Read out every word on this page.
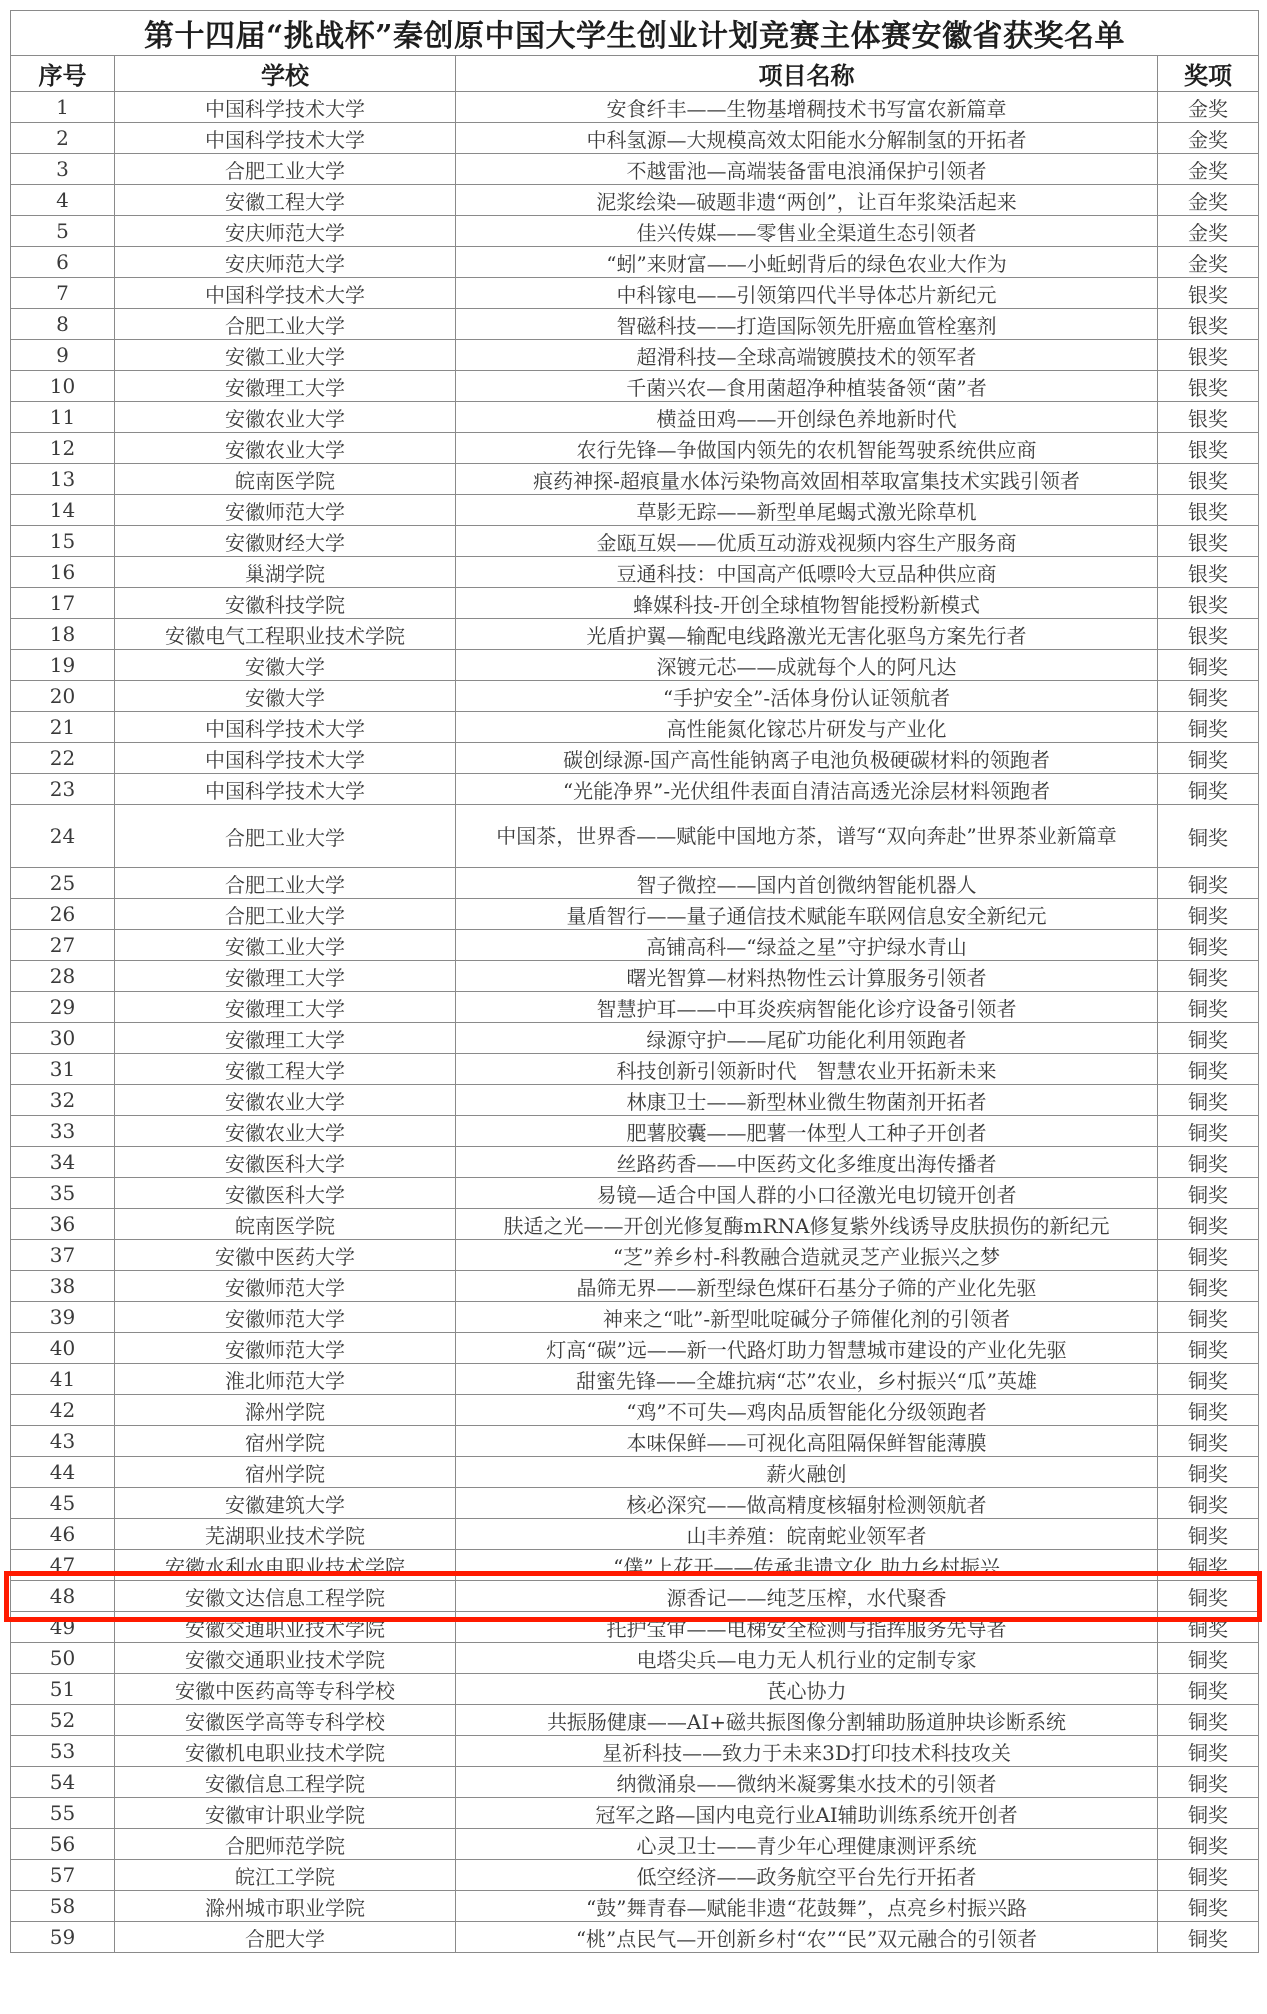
第十四届“挑战杯”秦创原中国大学生创业计划竞赛主体赛安徽省获奖名单			
序号	学校	项目名称	奖项
1	中国科学技术大学	安食纤丰——生物基增稠技术书写富农新篇章	金奖
2	中国科学技术大学	中科氢源—大规模高效太阳能水分解制氢的开拓者	金奖
3	合肥工业大学	不越雷池—高端装备雷电浪涌保护引领者	金奖
4	安徽工程大学	泥浆绘染—破题非遗“两创”，让百年浆染活起来	金奖
5	安庆师范大学	佳兴传媒——零售业全渠道生态引领者	金奖
6	安庆师范大学	“蚓”来财富——小蚯蚓背后的绿色农业大作为	金奖
7	中国科学技术大学	中科镓电——引领第四代半导体芯片新纪元	银奖
8	合肥工业大学	智磁科技——打造国际领先肝癌血管栓塞剂	银奖
9	安徽工业大学	超滑科技—全球高端镀膜技术的领军者	银奖
10	安徽理工大学	千菌兴农—食用菌超净种植装备领“菌”者	银奖
11	安徽农业大学	横益田鸡——开创绿色养地新时代	银奖
12	安徽农业大学	农行先锋—争做国内领先的农机智能驾驶系统供应商	银奖
13	皖南医学院	痕药神探-超痕量水体污染物高效固相萃取富集技术实践引领者	银奖
14	安徽师范大学	草影无踪——新型单尾蝎式激光除草机	银奖
15	安徽财经大学	金瓯互娱——优质互动游戏视频内容生产服务商	银奖
16	巢湖学院	豆通科技：中国高产低嘌呤大豆品种供应商	银奖
17	安徽科技学院	蜂媒科技-开创全球植物智能授粉新模式	银奖
18	安徽电气工程职业技术学院	光盾护翼—输配电线路激光无害化驱鸟方案先行者	银奖
19	安徽大学	深镀元芯——成就每个人的阿凡达	铜奖
20	安徽大学	“手护安全”-活体身份认证领航者	铜奖
21	中国科学技术大学	高性能氮化镓芯片研发与产业化	铜奖
22	中国科学技术大学	碳创绿源-国产高性能钠离子电池负极硬碳材料的领跑者	铜奖
23	中国科学技术大学	“光能净界”-光伏组件表面自清洁高透光涂层材料领跑者	铜奖
24	合肥工业大学	中国茶，世界香——赋能中国地方茶，谱写“双向奔赴”世界茶业新篇章	铜奖
25	合肥工业大学	智子微控——国内首创微纳智能机器人	铜奖
26	合肥工业大学	量盾智行——量子通信技术赋能车联网信息安全新纪元	铜奖
27	安徽工业大学	高铺高科—“绿益之星”守护绿水青山	铜奖
28	安徽理工大学	曙光智算—材料热物性云计算服务引领者	铜奖
29	安徽理工大学	智慧护耳——中耳炎疾病智能化诊疗设备引领者	铜奖
30	安徽理工大学	绿源守护——尾矿功能化利用领跑者	铜奖
31	安徽工程大学	科技创新引领新时代　智慧农业开拓新未来	铜奖
32	安徽农业大学	林康卫士——新型林业微生物菌剂开拓者	铜奖
33	安徽农业大学	肥薯胶囊——肥薯一体型人工种子开创者	铜奖
34	安徽医科大学	丝路药香——中医药文化多维度出海传播者	铜奖
35	安徽医科大学	易镜—适合中国人群的小口径激光电切镜开创者	铜奖
36	皖南医学院	肤适之光——开创光修复酶mRNA修复紫外线诱导皮肤损伤的新纪元	铜奖
37	安徽中医药大学	“芝”养乡村-科教融合造就灵芝产业振兴之梦	铜奖
38	安徽师范大学	晶筛无界——新型绿色煤矸石基分子筛的产业化先驱	铜奖
39	安徽师范大学	神来之“吡”-新型吡啶碱分子筛催化剂的引领者	铜奖
40	安徽师范大学	灯高“碳”远——新一代路灯助力智慧城市建设的产业化先驱	铜奖
41	淮北师范大学	甜蜜先锋——全雄抗病“芯”农业，乡村振兴“瓜”英雄	铜奖
42	滁州学院	“鸡”不可失—鸡肉品质智能化分级领跑者	铜奖
43	宿州学院	本味保鲜——可视化高阻隔保鲜智能薄膜	铜奖
44	宿州学院	薪火融创	铜奖
45	安徽建筑大学	核必深究——做高精度核辐射检测领航者	铜奖
46	芜湖职业技术学院	山丰养殖：皖南蛇业领军者	铜奖
47	安徽水利水电职业技术学院	“僕”上花开——传承非遗文化 助力乡村振兴	铜奖
48	安徽文达信息工程学院	源香记——纯芝压榨，水代聚香	铜奖
49	安徽交通职业技术学院	托护宝审——电梯安全检测与指挥服务先导者	铜奖
50	安徽交通职业技术学院	电塔尖兵—电力无人机行业的定制专家	铜奖
51	安徽中医药高等专科学校	芪心协力	铜奖
52	安徽医学高等专科学校	共振肠健康——AI+磁共振图像分割辅助肠道肿块诊断系统	铜奖
53	安徽机电职业技术学院	星祈科技——致力于未来3D打印技术科技攻关	铜奖
54	安徽信息工程学院	纳微涌泉——微纳米凝雾集水技术的引领者	铜奖
55	安徽审计职业学院	冠军之路—国内电竞行业AI辅助训练系统开创者	铜奖
56	合肥师范学院	心灵卫士——青少年心理健康测评系统	铜奖
57	皖江工学院	低空经济——政务航空平台先行开拓者	铜奖
58	滁州城市职业学院	“鼓”舞青春—赋能非遗“花鼓舞”，点亮乡村振兴路	铜奖
59	合肥大学	“桃”点民气—开创新乡村“农”“民”双元融合的引领者	铜奖
